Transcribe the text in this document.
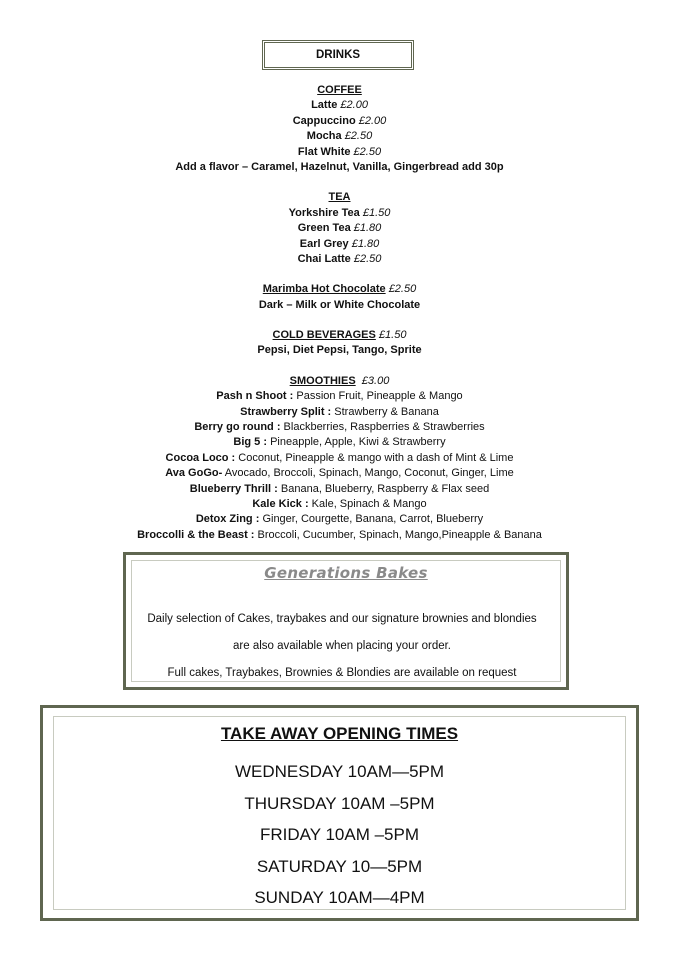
DRINKS
COFFEE
Latte £2.00
Cappuccino £2.00
Mocha £2.50
Flat White £2.50
Add a flavor – Caramel, Hazelnut, Vanilla, Gingerbread add 30p
TEA
Yorkshire Tea £1.50
Green Tea £1.80
Earl Grey £1.80
Chai Latte £2.50
Marimba Hot Chocolate £2.50
Dark – Milk or White Chocolate
COLD BEVERAGES £1.50
Pepsi, Diet Pepsi, Tango, Sprite
SMOOTHIES £3.00
Pash n Shoot : Passion Fruit, Pineapple & Mango
Strawberry Split : Strawberry & Banana
Berry go round : Blackberries, Raspberries & Strawberries
Big 5 : Pineapple, Apple, Kiwi & Strawberry
Cocoa Loco : Coconut, Pineapple & mango with a dash of Mint & Lime
Ava GoGo- Avocado, Broccoli, Spinach, Mango, Coconut, Ginger, Lime
Blueberry Thrill : Banana, Blueberry, Raspberry & Flax seed
Kale Kick : Kale, Spinach & Mango
Detox Zing : Ginger, Courgette, Banana, Carrot, Blueberry
Broccolli & the Beast : Broccoli, Cucumber, Spinach, Mango,Pineapple & Banana
Generations Bakes
Daily selection of Cakes, traybakes and our signature brownies and blondies
are also available when placing your order.
Full cakes, Traybakes, Brownies & Blondies are available on request
TAKE AWAY OPENING TIMES
WEDNESDAY 10AM—5PM
THURSDAY 10AM –5PM
FRIDAY 10AM –5PM
SATURDAY 10—5PM
SUNDAY 10AM—4PM
